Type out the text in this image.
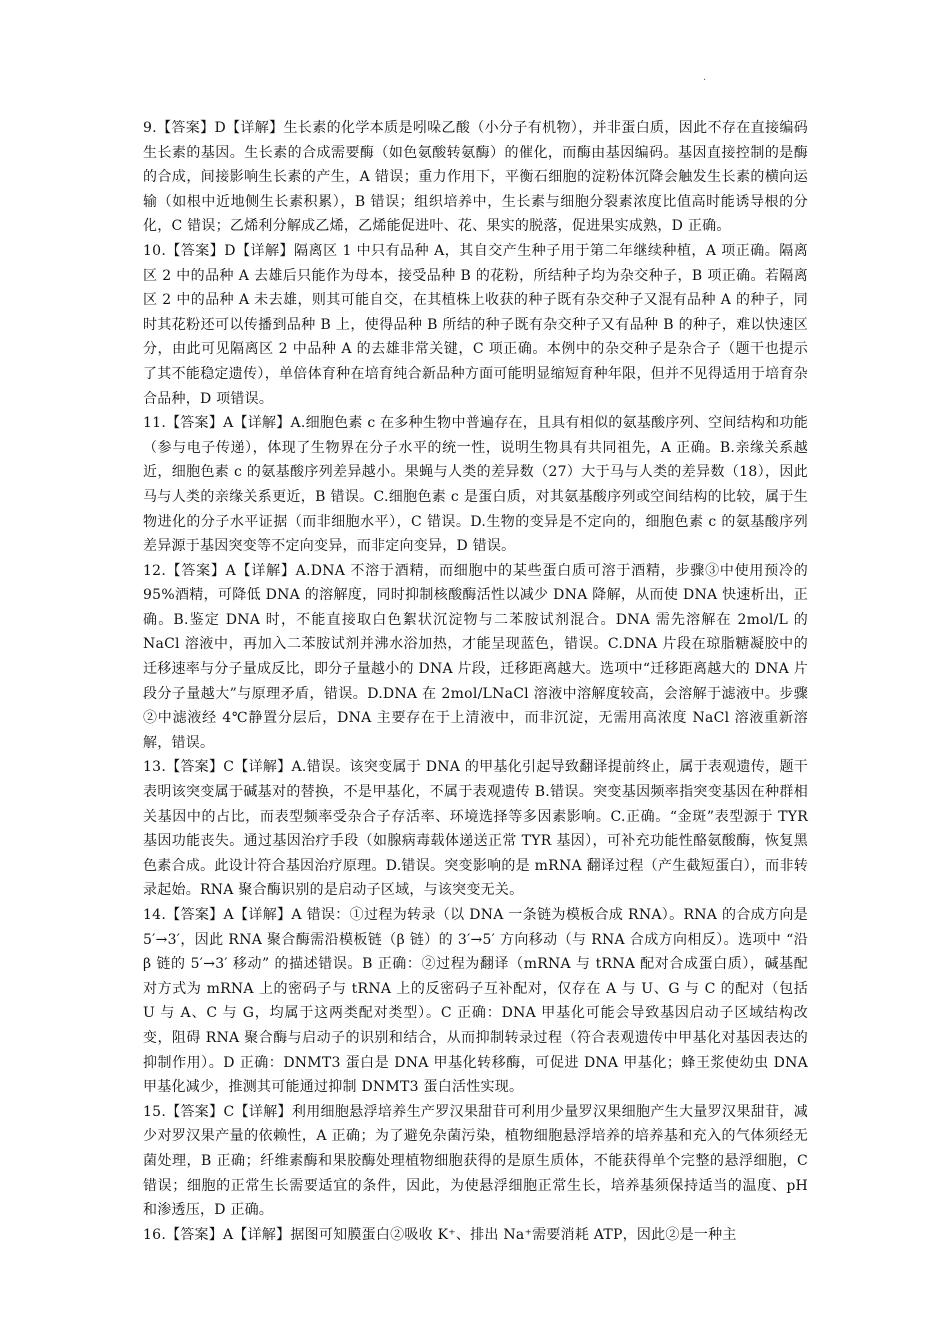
.

9.【答案】D【详解】生长素的化学本质是吲哚乙酸（小分子有机物），并非蛋白质，因此不存在直接编码生长素的基因。生长素的合成需要酶（如色氨酸转氨酶）的催化，而酶由基因编码。基因直接控制的是酶的合成，间接影响生长素的产生，A 错误；重力作用下，平衡石细胞的淀粉体沉降会触发生长素的横向运输（如根中近地侧生长素积累），B 错误；组织培养中，生长素与细胞分裂素浓度比值高时能诱导根的分化，C 错误；乙烯利分解成乙烯，乙烯能促进叶、花、果实的脱落，促进果实成熟，D 正确。

10.【答案】D【详解】隔离区 1 中只有品种 A，其自交产生种子用于第二年继续种植，A 项正确。隔离区 2 中的品种 A 去雄后只能作为母本，接受品种 B 的花粉，所结种子均为杂交种子，B 项正确。若隔离区 2 中的品种 A 未去雄，则其可能自交，在其植株上收获的种子既有杂交种子又混有品种 A 的种子，同时其花粉还可以传播到品种 B 上，使得品种 B 所结的种子既有杂交种子又有品种 B 的种子，难以快速区分，由此可见隔离区 2 中品种 A 的去雄非常关键，C 项正确。本例中的杂交种子是杂合子（题干也提示了其不能稳定遗传），单倍体育种在培育纯合新品种方面可能明显缩短育种年限，但并不见得适用于培育杂合品种，D 项错误。

11.【答案】A【详解】A.细胞色素 c 在多种生物中普遍存在，且具有相似的氨基酸序列、空间结构和功能（参与电子传递），体现了生物界在分子水平的统一性，说明生物具有共同祖先，A 正确。B.亲缘关系越近，细胞色素 c 的氨基酸序列差异越小。果蝇与人类的差异数（27）大于马与人类的差异数（18），因此马与人类的亲缘关系更近，B 错误。C.细胞色素 c 是蛋白质，对其氨基酸序列或空间结构的比较，属于生物进化的分子水平证据（而非细胞水平），C 错误。D.生物的变异是不定向的，细胞色素 c 的氨基酸序列差异源于基因突变等不定向变异，而非定向变异，D 错误。

12.【答案】A【详解】A.DNA 不溶于酒精，而细胞中的某些蛋白质可溶于酒精，步骤③中使用预冷的 95%酒精，可降低 DNA 的溶解度，同时抑制核酸酶活性以减少 DNA 降解，从而使 DNA 快速析出，正确。B.鉴定 DNA 时，不能直接取白色絮状沉淀物与二苯胺试剂混合。DNA 需先溶解在 2mol/L 的 NaCl 溶液中，再加入二苯胺试剂并沸水浴加热，才能呈现蓝色，错误。C.DNA 片段在琼脂糖凝胶中的迁移速率与分子量成反比，即分子量越小的 DNA 片段，迁移距离越大。选项中“迁移距离越大的 DNA 片段分子量越大”与原理矛盾，错误。D.DNA 在 2mol/LNaCl 溶液中溶解度较高，会溶解于滤液中。步骤②中滤液经 4℃静置分层后，DNA 主要存在于上清液中，而非沉淀，无需用高浓度 NaCl 溶液重新溶解，错误。

13.【答案】C【详解】A.错误。该突变属于 DNA 的甲基化引起导致翻译提前终止，属于表观遗传，题干表明该突变属于碱基对的替换，不是甲基化，不属于表观遗传 B.错误。突变基因频率指突变基因在种群相关基因中的占比，而表型频率受杂合子存活率、环境选择等多因素影响。C.正确。“金斑”表型源于 TYR 基因功能丧失。通过基因治疗手段（如腺病毒载体递送正常 TYR 基因），可补充功能性酪氨酸酶，恢复黑色素合成。此设计符合基因治疗原理。D.错误。突变影响的是 mRNA 翻译过程（产生截短蛋白），而非转录起始。RNA 聚合酶识别的是启动子区域，与该突变无关。

14.【答案】A【详解】A 错误：①过程为转录（以 DNA 一条链为模板合成 RNA）。RNA 的合成方向是 5′→3′，因此 RNA 聚合酶需沿模板链（β 链）的 3′→5′ 方向移动（与 RNA 合成方向相反）。选项中 “沿 β 链的 5′→3′ 移动” 的描述错误。B 正确：②过程为翻译（mRNA 与 tRNA 配对合成蛋白质），碱基配对方式为 mRNA 上的密码子与 tRNA 上的反密码子互补配对，仅存在 A 与 U、G 与 C 的配对（包括 U 与 A、C 与 G，均属于这两类配对类型）。C 正确：DNA 甲基化可能会导致基因启动子区域结构改变，阻碍 RNA 聚合酶与启动子的识别和结合，从而抑制转录过程（符合表观遗传中甲基化对基因表达的抑制作用）。D 正确：DNMT3 蛋白是 DNA 甲基化转移酶，可促进 DNA 甲基化；蜂王浆使幼虫 DNA 甲基化减少，推测其可能通过抑制 DNMT3 蛋白活性实现。

15.【答案】C【详解】利用细胞悬浮培养生产罗汉果甜苷可利用少量罗汉果细胞产生大量罗汉果甜苷，减少对罗汉果产量的依赖性，A 正确；为了避免杂菌污染，植物细胞悬浮培养的培养基和充入的气体须经无菌处理，B 正确；纤维素酶和果胶酶处理植物细胞获得的是原生质体，不能获得单个完整的悬浮细胞，C 错误；细胞的正常生长需要适宜的条件，因此，为使悬浮细胞正常生长，培养基须保持适当的温度、pH 和渗透压，D 正确。

16.【答案】A【详解】据图可知膜蛋白②吸收 K⁺、排出 Na⁺需要消耗 ATP，因此②是一种主
